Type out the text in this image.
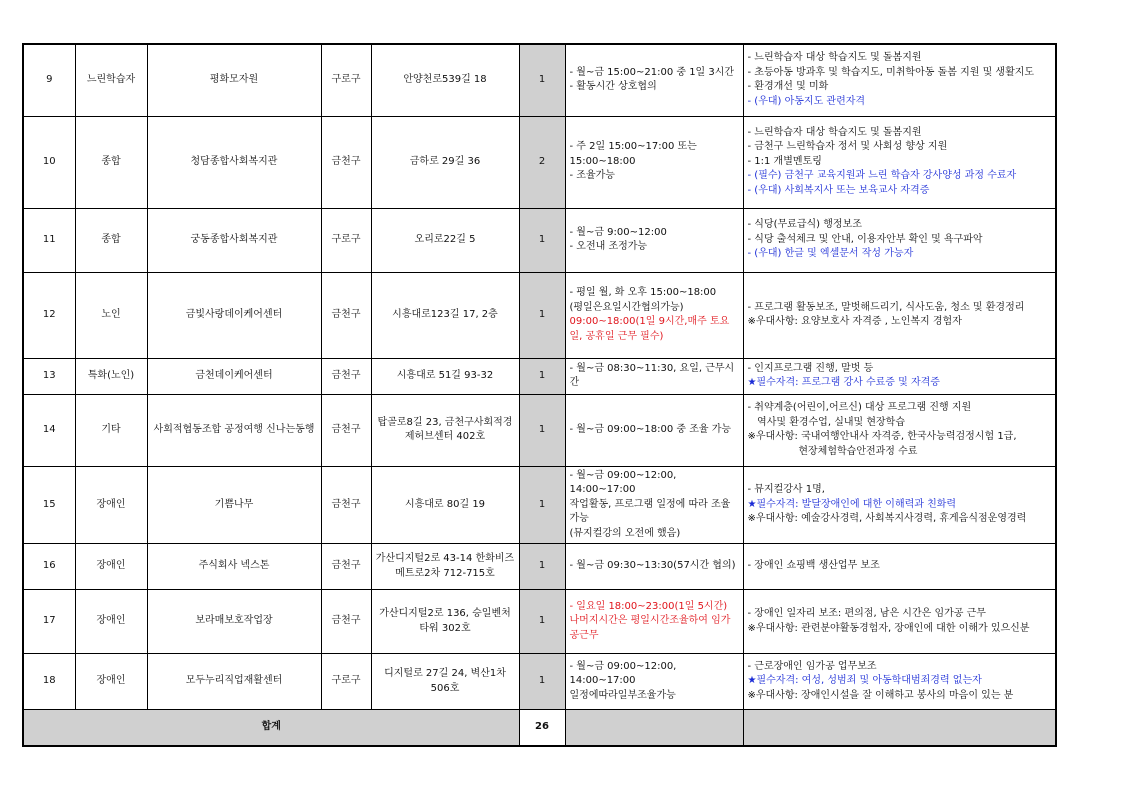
9	느린학습자	평화모자원	구로구	안양천로539길 18	1	- 월~금 15:00~21:00 중 1일 3시간
- 활동시간 상호협의	- 느린학습자 대상 학습지도 및 돌봄지원
- 초등아동 방과후 및 학습지도, 미취학아동 돌봄 지원 및 생활지도
- 환경개선 및 미화
- (우대) 아동지도 관련자격

10	종합	청담종합사회복지관	금천구	금하로 29길 36	2	- 주 2일 15:00~17:00 또는 15:00~18:00
- 조율가능	- 느린학습자 대상 학습지도 및 돌봄지원
- 금천구 느린학습자 정서 및 사회성 향상 지원
- 1:1 개별멘토링
- (필수) 금천구 교육지원과 느린 학습자 강사양성 과정 수료자
- (우대) 사회복지사 또는 보육교사 자격증

11	종합	궁동종합사회복지관	구로구	오리로22길 5	1	- 월~금 9:00~12:00
- 오전내 조정가능	- 식당(무료급식) 행정보조
- 식당 출석체크 및 안내, 이용자안부 확인 및 욕구파악
- (우대) 한글 및 엑셀문서 작성 가능자

12	노인	금빛사랑데이케어센터	금천구	시흥대로123길 17, 2층	1	- 평일 월, 화 오후 15:00~18:00
(평일은요일시간협의가능)
09:00~18:00(1일 9시간,매주 토요일, 공휴일 근무 필수)	- 프로그램 활동보조, 말벗해드리기, 식사도움, 청소 및 환경정리
※우대사항: 요양보호사 자격증 , 노인복지 경험자

13	특화(노인)	금천데이케어센터	금천구	시흥대로 51길 93-32	1	- 월~금 08:30~11:30, 요일, 근무시간	- 인지프로그램 진행, 말벗 등
★필수자격: 프로그램 강사 수료증 및 자격증

14	기타	사회적협동조합 공정여행 신나는동행	금천구	탑골로8길 23, 금천구사회적경제허브센터 402호	1	- 월~금 09:00~18:00 중 조율 가능	- 취약계층(어린이,어르신) 대상 프로그램 진행 지원
역사및 환경수업, 실내및 현장학습
※우대사항: 국내여행안내사 자격증, 한국사능력검정시험 1급,
현장체험학습안전과정 수료

15	장애인	기쁨나무	금천구	시흥대로 80길 19	1	- 월~금 09:00~12:00, 14:00~17:00
작업활동, 프로그램 일정에 따라 조율 가능
(뮤지컬강의 오전에 했음)	- 뮤지컬강사 1명,
★필수자격: 발달장애인에 대한 이해력과 친화력
※우대사항: 예술강사경력, 사회복지사경력, 휴게음식점운영경력

16	장애인	주식회사 넥스톤	금천구	가산디지털2로 43-14 한화비즈메트로2차 712-715호	1	- 월~금 09:30~13:30(57시간 협의)	- 장애인 쇼핑백 생산업무 보조

17	장애인	보라매보호작업장	금천구	가산디지털2로 136, 승일벤처타워 302호	1	- 일요일 18:00~23:00(1일 5시간)
나머지시간은 평일시간조율하여 임가공근무	- 장애인 일자리 보조: 편의점, 남은 시간은 임가공 근무
※우대사항: 관련분야활동경험자, 장애인에 대한 이해가 있으신분

18	장애인	모두누리직업재활센터	구로구	디지털로 27길 24, 벽산1차 506호	1	- 월~금 09:00~12:00, 14:00~17:00
일정에따라일부조율가능	- 근로장애인 임가공 업무보조
★필수자격: 여성, 성범죄 및 아동학대범죄경력 없는자
※우대사항: 장애인시설을 잘 이해하고 봉사의 마음이 있는 분

합계					26		
